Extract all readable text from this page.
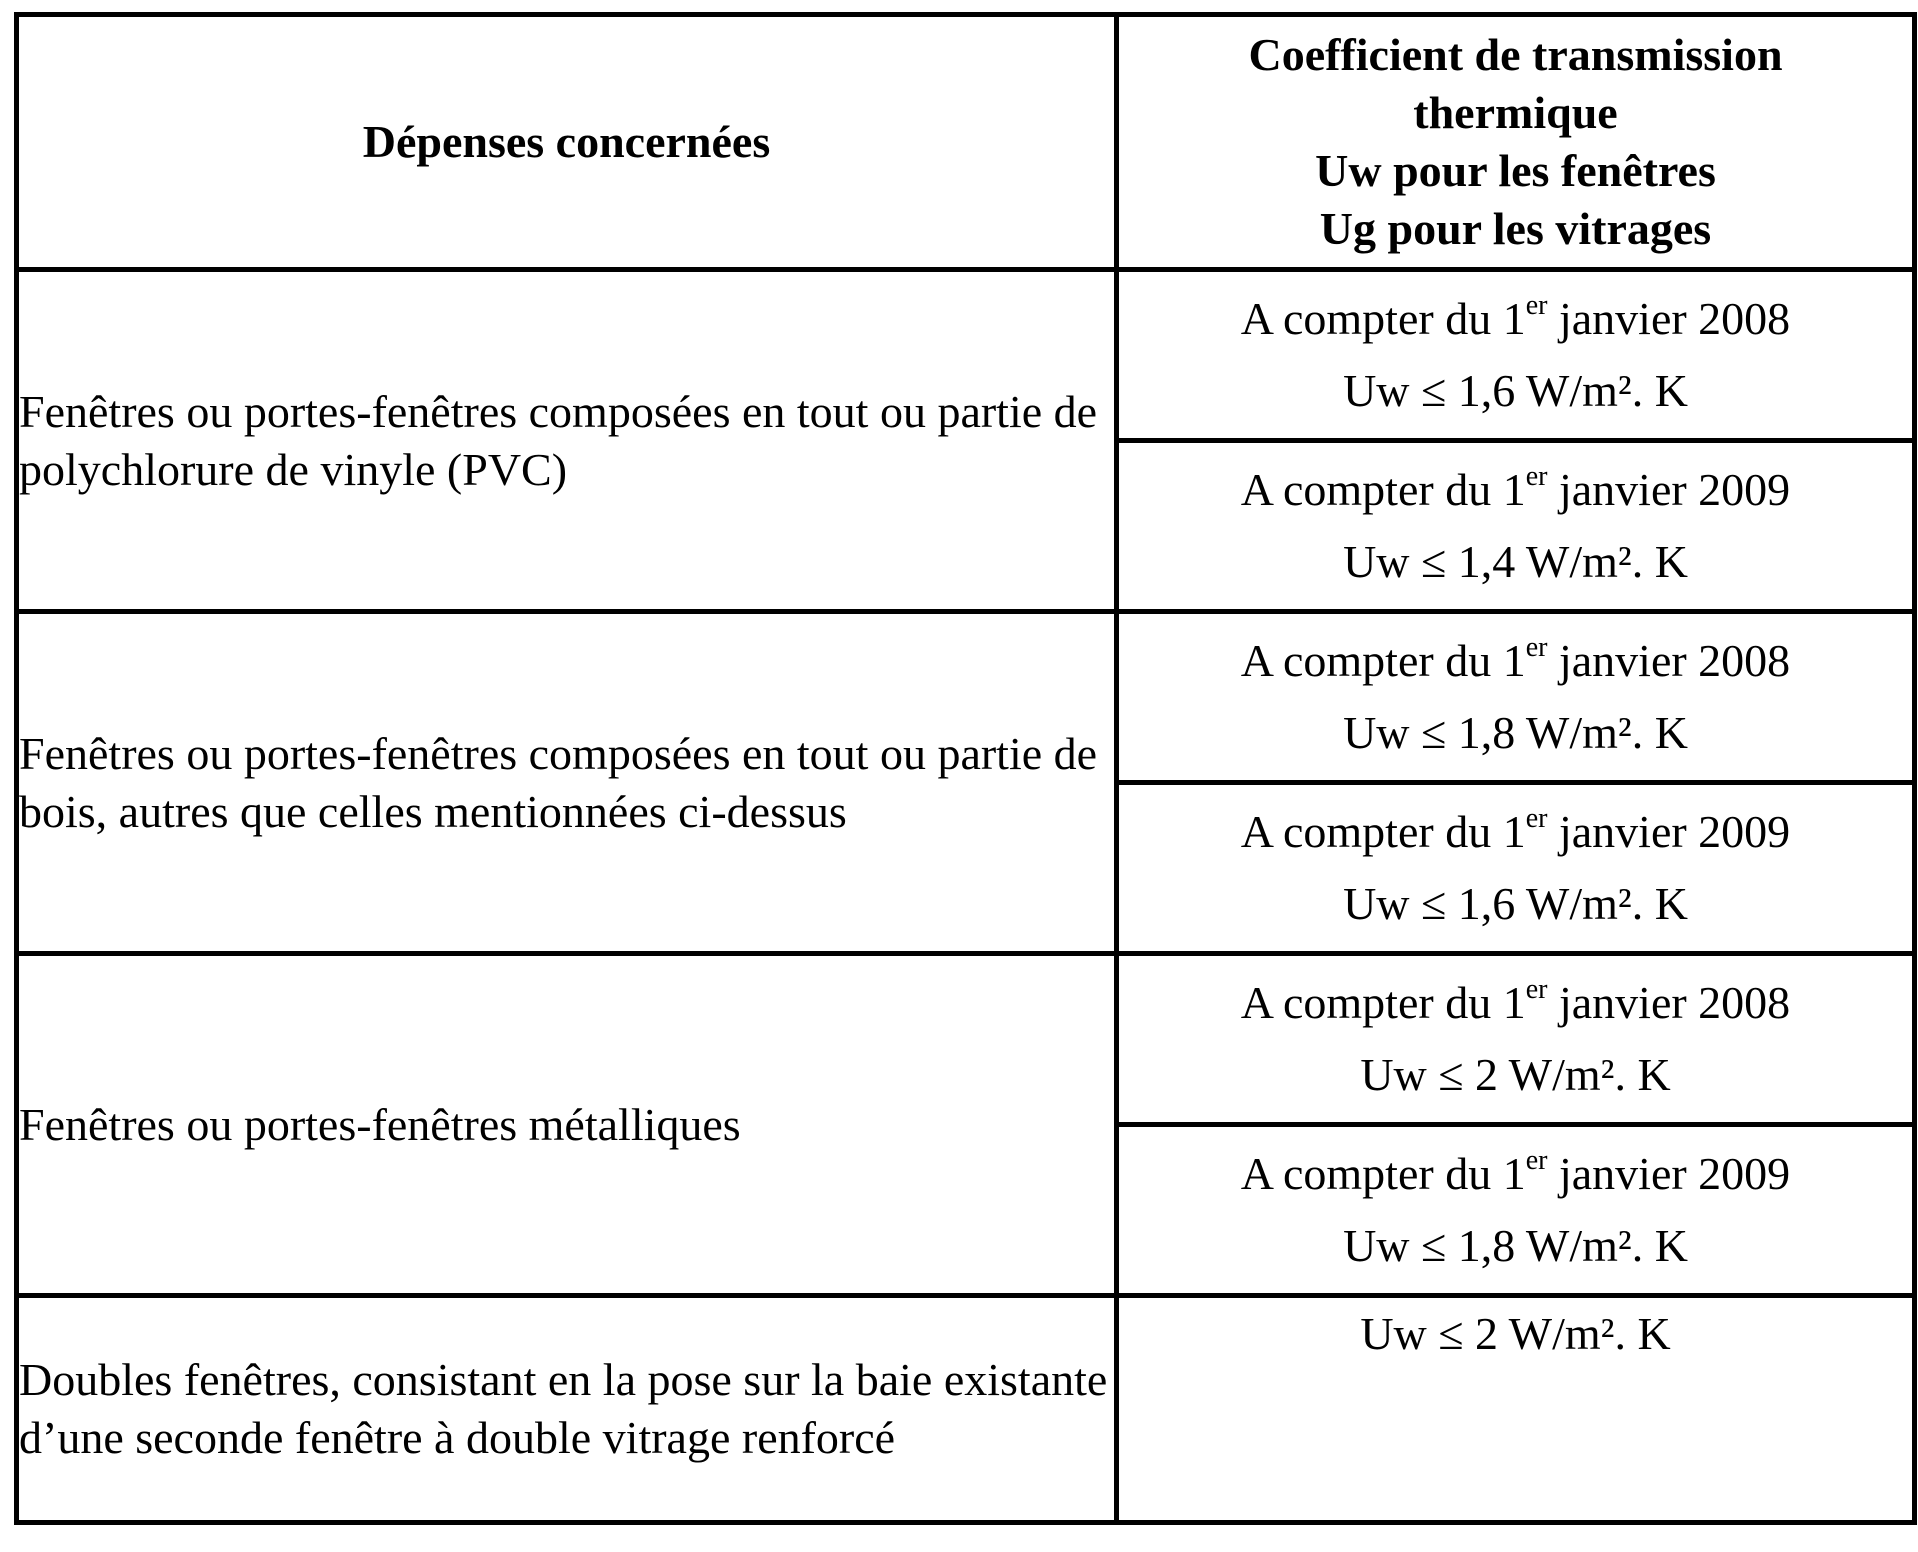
Dépenses concernées	Coefficient de transmission
thermique
Uw pour les fenêtres
Ug pour les vitrages

Fenêtres ou portes-fenêtres composées en tout ou partie de polychlorure de vinyle (PVC)	A compter du 1er janvier 2008
Uw ≤ 1,6 W/m². K

	A compter du 1er janvier 2009
Uw ≤ 1,4 W/m². K

Fenêtres ou portes-fenêtres composées en tout ou partie de bois, autres que celles mentionnées ci-dessus	A compter du 1er janvier 2008
Uw ≤ 1,8 W/m². K

	A compter du 1er janvier 2009
Uw ≤ 1,6 W/m². K

Fenêtres ou portes-fenêtres métalliques	A compter du 1er janvier 2008
Uw ≤ 2 W/m². K

	A compter du 1er janvier 2009
Uw ≤ 1,8 W/m². K

Doubles fenêtres, consistant en la pose sur la baie existante d’une seconde fenêtre à double vitrage renforcé	Uw ≤ 2 W/m². K
